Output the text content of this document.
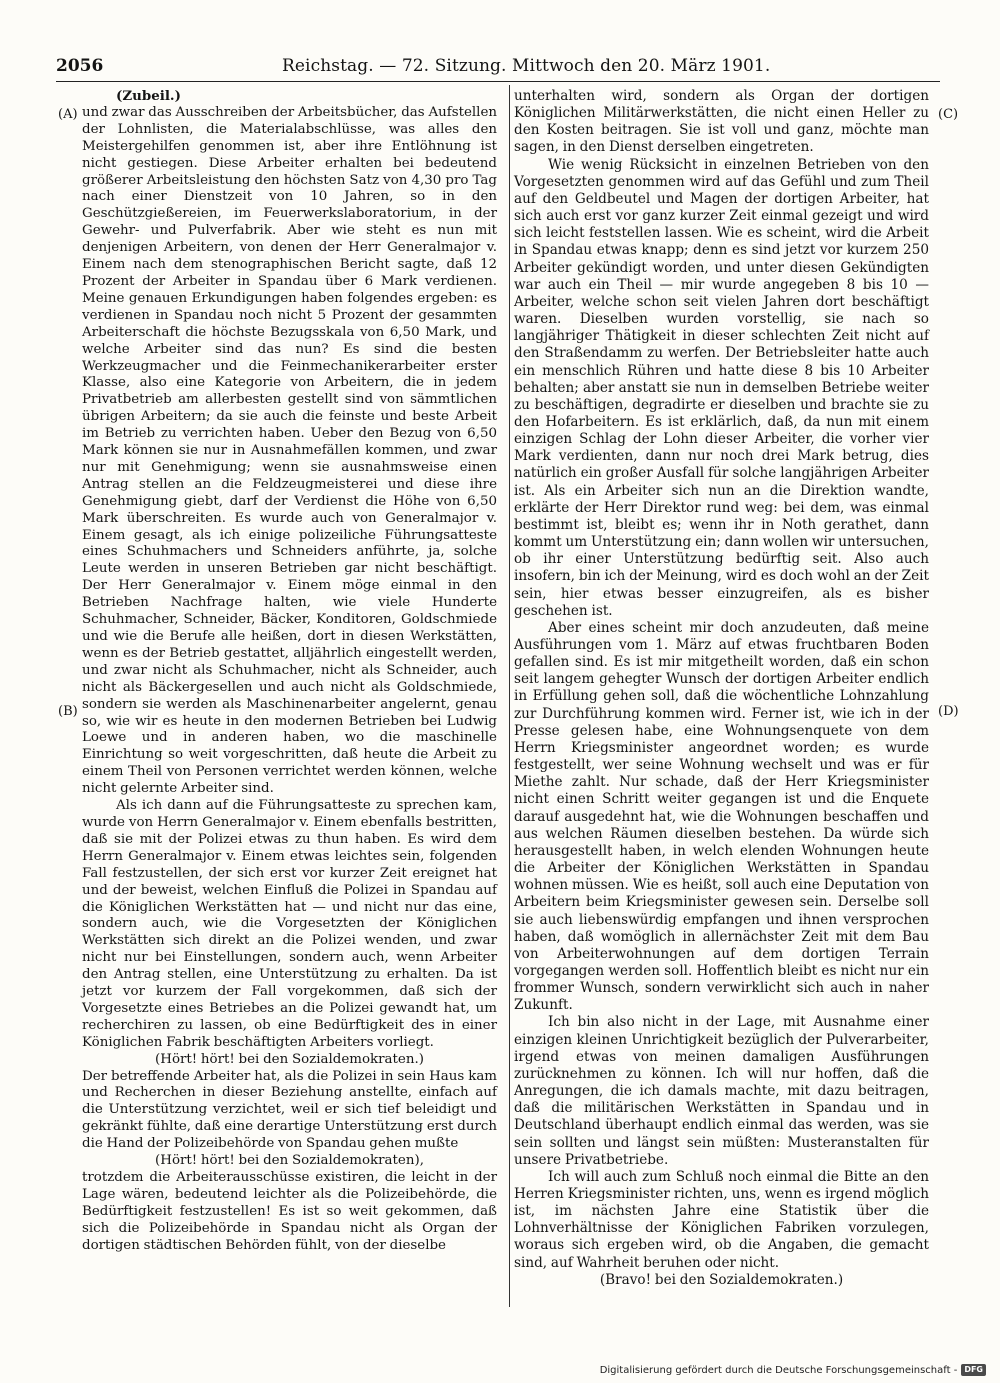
2056	Reichstag. — 72. Sitzung. Mittwoch den 20. März 1901.
(A)
(B)
(C)
(D)

(Zubeil.)

und zwar das Ausschreiben der Arbeitsbücher, das Aufstellen der Lohnlisten, die Materialabschlüsse, was alles den Meistergehilfen genommen ist, aber ihre Entlöhnung ist nicht gestiegen. Diese Arbeiter erhalten bei bedeutend größerer Arbeitsleistung den höchsten Satz von 4,30 pro Tag nach einer Dienstzeit von 10 Jahren, so in den Geschützgießereien, im Feuerwerkslaboratorium, in der Gewehr- und Pulverfabrik. Aber wie steht es nun mit denjenigen Arbeitern, von denen der Herr Generalmajor v. Einem nach dem stenographischen Bericht sagte, daß 12 Prozent der Arbeiter in Spandau über 6 Mark verdienen. Meine genauen Erkundigungen haben folgendes ergeben: es verdienen in Spandau noch nicht 5 Prozent der gesammten Arbeiterschaft die höchste Bezugsskala von 6,50 Mark, und welche Arbeiter sind das nun? Es sind die besten Werkzeugmacher und die Feinmechanikerarbeiter erster Klasse, also eine Kategorie von Arbeitern, die in jedem Privatbetrieb am allerbesten gestellt sind von sämmtlichen übrigen Arbeitern; da sie auch die feinste und beste Arbeit im Betrieb zu verrichten haben. Ueber den Bezug von 6,50 Mark können sie nur in Ausnahmefällen kommen, und zwar nur mit Genehmigung; wenn sie ausnahmsweise einen Antrag stellen an die Feldzeugmeisterei und diese ihre Genehmigung giebt, darf der Verdienst die Höhe von 6,50 Mark überschreiten. Es wurde auch von Generalmajor v. Einem gesagt, als ich einige polizeiliche Führungsatteste eines Schuhmachers und Schneiders anführte, ja, solche Leute werden in unseren Betrieben gar nicht beschäftigt. Der Herr Generalmajor v. Einem möge einmal in den Betrieben Nachfrage halten, wie viele Hunderte Schuhmacher, Schneider, Bäcker, Konditoren, Goldschmiede und wie die Berufe alle heißen, dort in diesen Werkstätten, wenn es der Betrieb gestattet, alljährlich eingestellt werden, und zwar nicht als Schuhmacher, nicht als Schneider, auch nicht als Bäckergesellen und auch nicht als Goldschmiede, sondern sie werden als Maschinenarbeiter angelernt, genau so, wie wir es heute in den modernen Betrieben bei Ludwig Loewe und in anderen haben, wo die maschinelle Einrichtung so weit vorgeschritten, daß heute die Arbeit zu einem Theil von Personen verrichtet werden können, welche nicht gelernte Arbeiter sind.

Als ich dann auf die Führungsatteste zu sprechen kam, wurde von Herrn Generalmajor v. Einem ebenfalls bestritten, daß sie mit der Polizei etwas zu thun haben. Es wird dem Herrn Generalmajor v. Einem etwas leichtes sein, folgenden Fall festzustellen, der sich erst vor kurzer Zeit ereignet hat und der beweist, welchen Einfluß die Polizei in Spandau auf die Königlichen Werkstätten hat — und nicht nur das eine, sondern auch, wie die Vorgesetzten der Königlichen Werkstätten sich direkt an die Polizei wenden, und zwar nicht nur bei Einstellungen, sondern auch, wenn Arbeiter den Antrag stellen, eine Unterstützung zu erhalten. Da ist jetzt vor kurzem der Fall vorgekommen, daß sich der Vorgesetzte eines Betriebes an die Polizei gewandt hat, um recherchiren zu lassen, ob eine Bedürftigkeit des in einer Königlichen Fabrik beschäftigten Arbeiters vorliegt.

(Hört! hört! bei den Sozialdemokraten.)

Der betreffende Arbeiter hat, als die Polizei in sein Haus kam und Recherchen in dieser Beziehung anstellte, einfach auf die Unterstützung verzichtet, weil er sich tief beleidigt und gekränkt fühlte, daß eine derartige Unterstützung erst durch die Hand der Polizeibehörde von Spandau gehen mußte

(Hört! hört! bei den Sozialdemokraten),

trotzdem die Arbeiterausschüsse existiren, die leicht in der Lage wären, bedeutend leichter als die Polizeibehörde, die Bedürftigkeit festzustellen! Es ist so weit gekommen, daß sich die Polizeibehörde in Spandau nicht als Organ der dortigen städtischen Behörden fühlt, von der dieselbe

unterhalten wird, sondern als Organ der dortigen Königlichen Militärwerkstätten, die nicht einen Heller zu den Kosten beitragen. Sie ist voll und ganz, möchte man sagen, in den Dienst derselben eingetreten.

Wie wenig Rücksicht in einzelnen Betrieben von den Vorgesetzten genommen wird auf das Gefühl und zum Theil auf den Geldbeutel und Magen der dortigen Arbeiter, hat sich auch erst vor ganz kurzer Zeit einmal gezeigt und wird sich leicht feststellen lassen. Wie es scheint, wird die Arbeit in Spandau etwas knapp; denn es sind jetzt vor kurzem 250 Arbeiter gekündigt worden, und unter diesen Gekündigten war auch ein Theil — mir wurde angegeben 8 bis 10 — Arbeiter, welche schon seit vielen Jahren dort beschäftigt waren. Dieselben wurden vorstellig, sie nach so langjähriger Thätigkeit in dieser schlechten Zeit nicht auf den Straßendamm zu werfen. Der Betriebsleiter hatte auch ein menschlich Rühren und hatte diese 8 bis 10 Arbeiter behalten; aber anstatt sie nun in demselben Betriebe weiter zu beschäftigen, degradirte er dieselben und brachte sie zu den Hofarbeitern. Es ist erklärlich, daß, da nun mit einem einzigen Schlag der Lohn dieser Arbeiter, die vorher vier Mark verdienten, dann nur noch drei Mark betrug, dies natürlich ein großer Ausfall für solche langjährigen Arbeiter ist. Als ein Arbeiter sich nun an die Direktion wandte, erklärte der Herr Direktor rund weg: bei dem, was einmal bestimmt ist, bleibt es; wenn ihr in Noth gerathet, dann kommt um Unterstützung ein; dann wollen wir untersuchen, ob ihr einer Unterstützung bedürftig seit. Also auch insofern, bin ich der Meinung, wird es doch wohl an der Zeit sein, hier etwas besser einzugreifen, als es bisher geschehen ist.

Aber eines scheint mir doch anzudeuten, daß meine Ausführungen vom 1. März auf etwas fruchtbaren Boden gefallen sind. Es ist mir mitgetheilt worden, daß ein schon seit langem gehegter Wunsch der dortigen Arbeiter endlich in Erfüllung gehen soll, daß die wöchentliche Lohnzahlung zur Durchführung kommen wird. Ferner ist, wie ich in der Presse gelesen habe, eine Wohnungsenquete von dem Herrn Kriegsminister angeordnet worden; es wurde festgestellt, wer seine Wohnung wechselt und was er für Miethe zahlt. Nur schade, daß der Herr Kriegsminister nicht einen Schritt weiter gegangen ist und die Enquete darauf ausgedehnt hat, wie die Wohnungen beschaffen und aus welchen Räumen dieselben bestehen. Da würde sich herausgestellt haben, in welch elenden Wohnungen heute die Arbeiter der Königlichen Werkstätten in Spandau wohnen müssen. Wie es heißt, soll auch eine Deputation von Arbeitern beim Kriegsminister gewesen sein. Derselbe soll sie auch liebenswürdig empfangen und ihnen versprochen haben, daß womöglich in allernächster Zeit mit dem Bau von Arbeiterwohnungen auf dem dortigen Terrain vorgegangen werden soll. Hoffentlich bleibt es nicht nur ein frommer Wunsch, sondern verwirklicht sich auch in naher Zukunft.

Ich bin also nicht in der Lage, mit Ausnahme einer einzigen kleinen Unrichtigkeit bezüglich der Pulverarbeiter, irgend etwas von meinen damaligen Ausführungen zurücknehmen zu können. Ich will nur hoffen, daß die Anregungen, die ich damals machte, mit dazu beitragen, daß die militärischen Werkstätten in Spandau und in Deutschland überhaupt endlich einmal das werden, was sie sein sollten und längst sein müßten: Musteranstalten für unsere Privatbetriebe.

Ich will auch zum Schluß noch einmal die Bitte an den Herren Kriegsminister richten, uns, wenn es irgend möglich ist, im nächsten Jahre eine Statistik über die Lohnverhältnisse der Königlichen Fabriken vorzulegen, woraus sich ergeben wird, ob die Angaben, die gemacht sind, auf Wahrheit beruhen oder nicht.

(Bravo! bei den Sozialdemokraten.)

Digitalisierung gefördert durch die Deutsche Forschungsgemeinschaft - DFG
